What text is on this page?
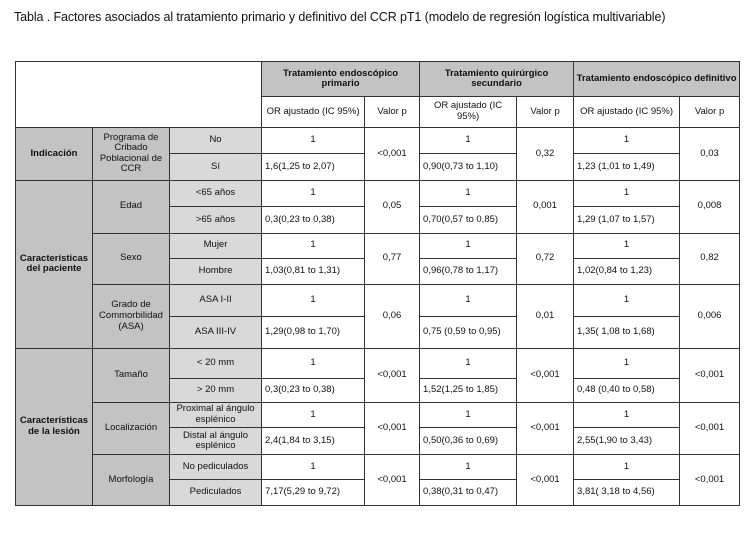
Tabla . Factores asociados al tratamiento primario y definitivo del CCR pT1 (modelo de regresión logística multivariable)
			Tratamiento endoscópico primario		Tratamiento quirúrgico secundario		Tratamiento endoscópico definitivo	
			OR ajustado (IC 95%)	Valor p	OR ajustado (IC 95%)	Valor p	OR ajustado (IC 95%)	Valor p
Indicación	Programa de Cribado Poblacional de CCR	No	1	<0,001	1	0,32	1	0,03
		Sí	1,6(1,25 to 2,07)		0,90(0,73 to 1,10)		1,23 (1,01 to 1,49)	
Características del paciente	Edad	<65 años	1	0,05	1	0,001	1	0,008
		>65 años	0,3(0,23 to 0,38)		0,70(0,57 to 0,85)		1,29 (1,07 to 1,57)	
	Sexo	Mujer	1	0,77	1	0,72	1	0,82
		Hombre	1,03(0,81 to 1,31)		0,96(0,78 to 1,17)		1,02(0,84 to 1,23)	
	Grado de Commorbilidad (ASA)	ASA I-II	1	0,06	1	0,01	1	0,006
		ASA III-IV	1,29(0,98 to 1,70)		0,75 (0,59 to 0,95)		1,35( 1,08 to 1,68)	
Características de la lesión	Tamaño	< 20 mm	1	<0,001	1	<0,001	1	<0,001
		> 20 mm	0,3(0,23 to 0,38)		1,52(1,25 to 1,85)		0,48 (0,40 to 0,58)	
	Localización	Proximal al ángulo esplénico	1	<0,001	1	<0,001	1	<0,001
		Distal al ángulo esplénico	2,4(1,84 to 3,15)		0,50(0,36 to 0,69)		2,55(1,90 to 3,43)	
	Morfología	No pediculados	1	<0,001	1	<0,001	1	<0,001
		Pediculados	7,17(5,29 to 9,72)		0,38(0,31 to 0,47)		3,81( 3,18 to 4,56)	
